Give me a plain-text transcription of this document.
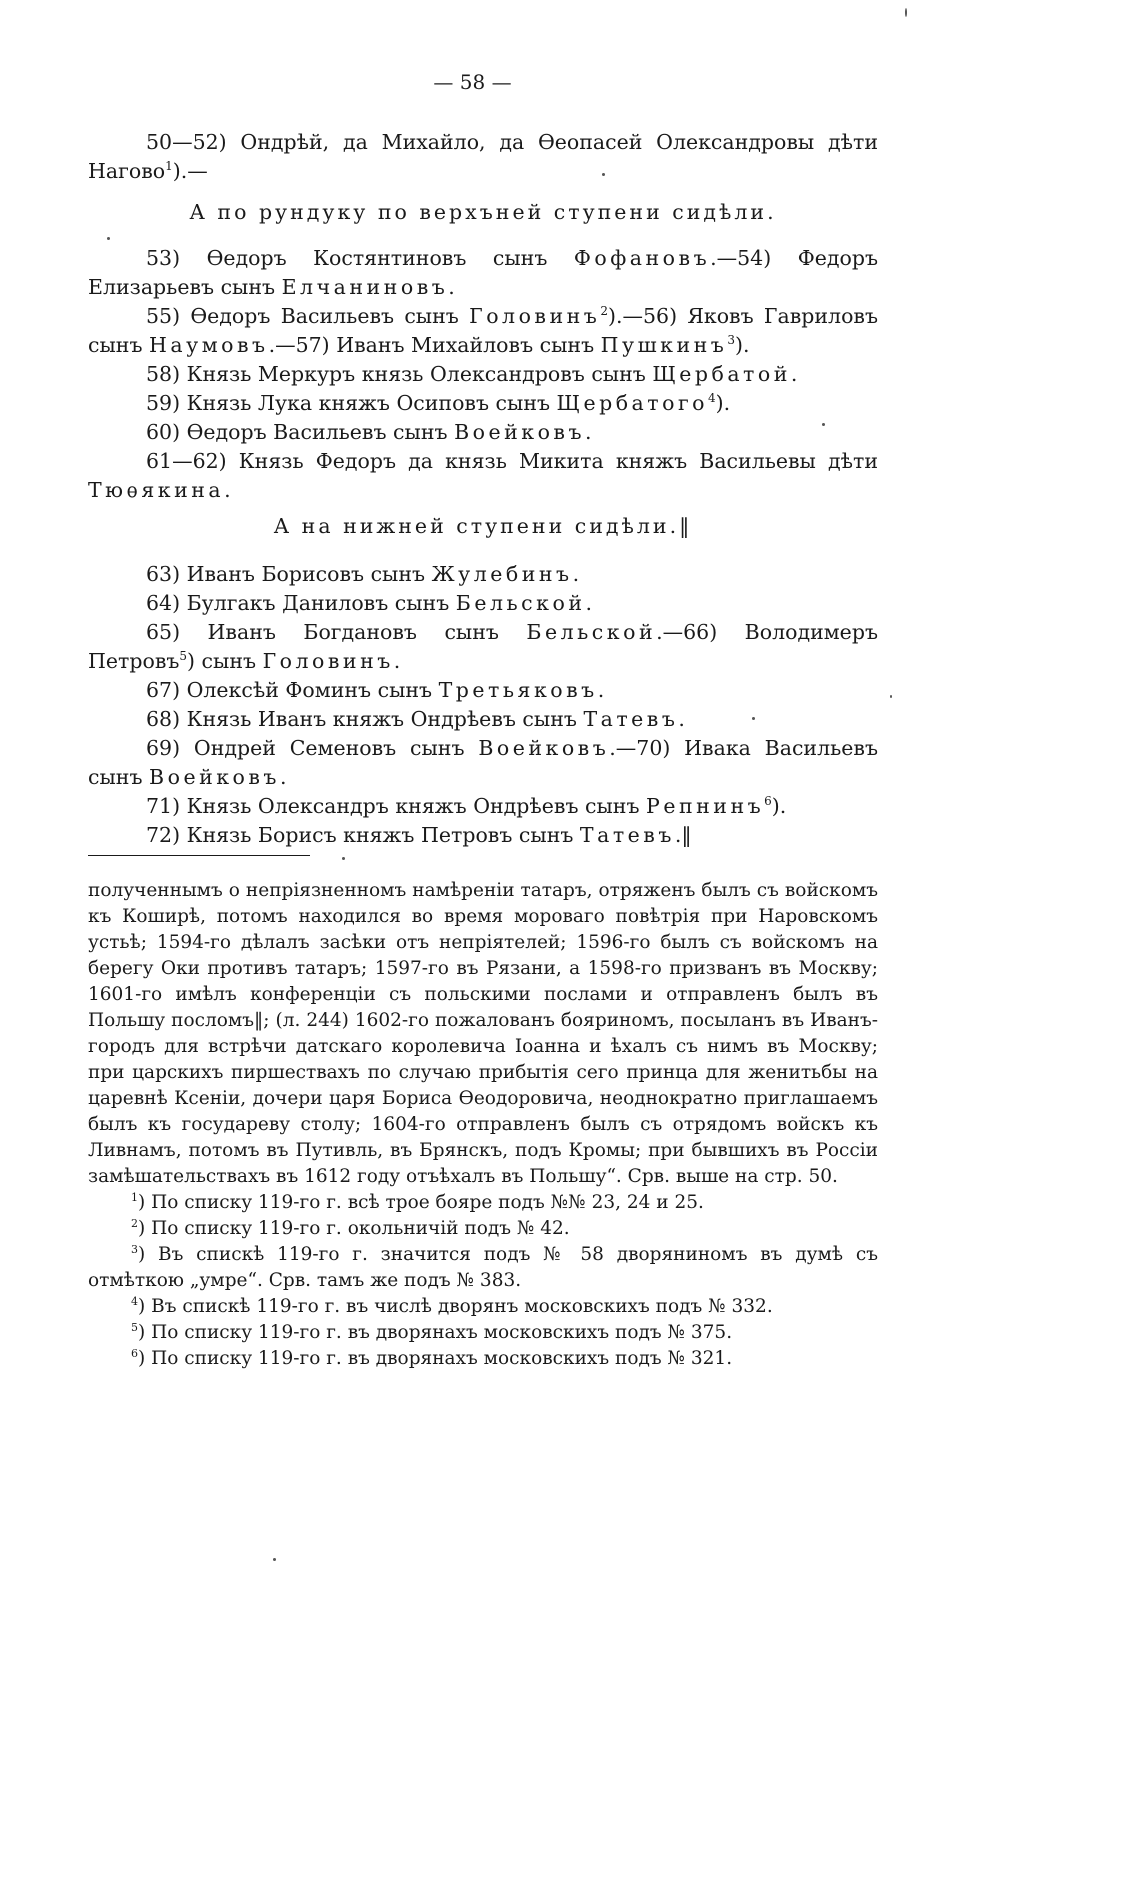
— 58 —

50—52) Ондрѣй, да Михайло, да Ѳеопасей Олександровы дѣти Нагово$^1$).—

А по рундуку по верхъней ступени сидѣли.

53) Ѳедоръ Костянтиновъ сынъ Фофановъ.—54) Федоръ Елизарьевъ сынъ Елчаниновъ.

55) Ѳедоръ Васильевъ сынъ Головинъ$^2$).—56) Яковъ Гавриловъ сынъ Наумовъ.—57) Иванъ Михайловъ сынъ Пушкинъ$^3$).

58) Князь Меркуръ князь Олександровъ сынъ Щербатой.

59) Князь Лука княжъ Осиповъ сынъ Щербатого$^4$).

60) Ѳедоръ Васильевъ сынъ Воейковъ.

61—62) Князь Федоръ да князь Микита княжъ Васильевы дѣти Тюѳякина.

А на нижней ступени сидѣли.‖

63) Иванъ Борисовъ сынъ Жулебинъ.

64) Булгакъ Даниловъ сынъ Бельской.

65) Иванъ Богдановъ сынъ Бельской.—66) Володимеръ Петровъ$^5$) сынъ Головинъ.

67) Олексѣй Фоминъ сынъ Третьяковъ.

68) Князь Иванъ княжъ Ондрѣевъ сынъ Татевъ.

69) Ондрей Семеновъ сынъ Воейковъ.—70) Ивака Васильевъ сынъ Воейковъ.

71) Князь Олександръ княжъ Ондрѣевъ сынъ Репнинъ$^6$).

72) Князь Борисъ княжъ Петровъ сынъ Татевъ.‖

полученнымъ о непріязненномъ намѣреніи татаръ, отряженъ былъ съ войскомъ къ Коширѣ, потомъ находился во время мороваго повѣтрія при Наровскомъ устьѣ; 1594-го дѣлалъ засѣки отъ непріятелей; 1596-го былъ съ войскомъ на берегу Оки противъ татаръ; 1597-го въ Рязани, а 1598-го призванъ въ Москву; 1601-го имѣлъ конференціи съ польскими послами и отправленъ былъ въ Польшу посломъ‖; (л. 244) 1602-го пожалованъ бояриномъ, посыланъ въ Иванъ-городъ для встрѣчи датскаго королевича Іоанна и ѣхалъ съ нимъ въ Москву; при царскихъ пиршествахъ по случаю прибытія сего принца для женитьбы на царевнѣ Ксеніи, дочери царя Бориса Ѳеодоровича, неоднократно приглашаемъ былъ къ государеву столу; 1604-го отправленъ былъ съ отрядомъ войскъ къ Ливнамъ, потомъ въ Путивль, въ Брянскъ, подъ Кромы; при бывшихъ въ Россіи замѣшательствахъ въ 1612 году отъѣхалъ въ Польшу“. Срв. выше на стр. 50.

$^1$) По списку 119-го г. всѣ трое бояре подъ №№ 23, 24 и 25.

$^2$) По списку 119-го г. окольничій подъ № 42.

$^3$) Въ спискѣ 119-го г. значится подъ № 58 дворяниномъ въ думѣ съ отмѣткою „умре“. Срв. тамъ же подъ № 383.

$^4$) Въ спискѣ 119-го г. въ числѣ дворянъ московскихъ подъ № 332.

$^5$) По списку 119-го г. въ дворянахъ московскихъ подъ № 375.

$^6$) По списку 119-го г. въ дворянахъ московскихъ подъ № 321.
